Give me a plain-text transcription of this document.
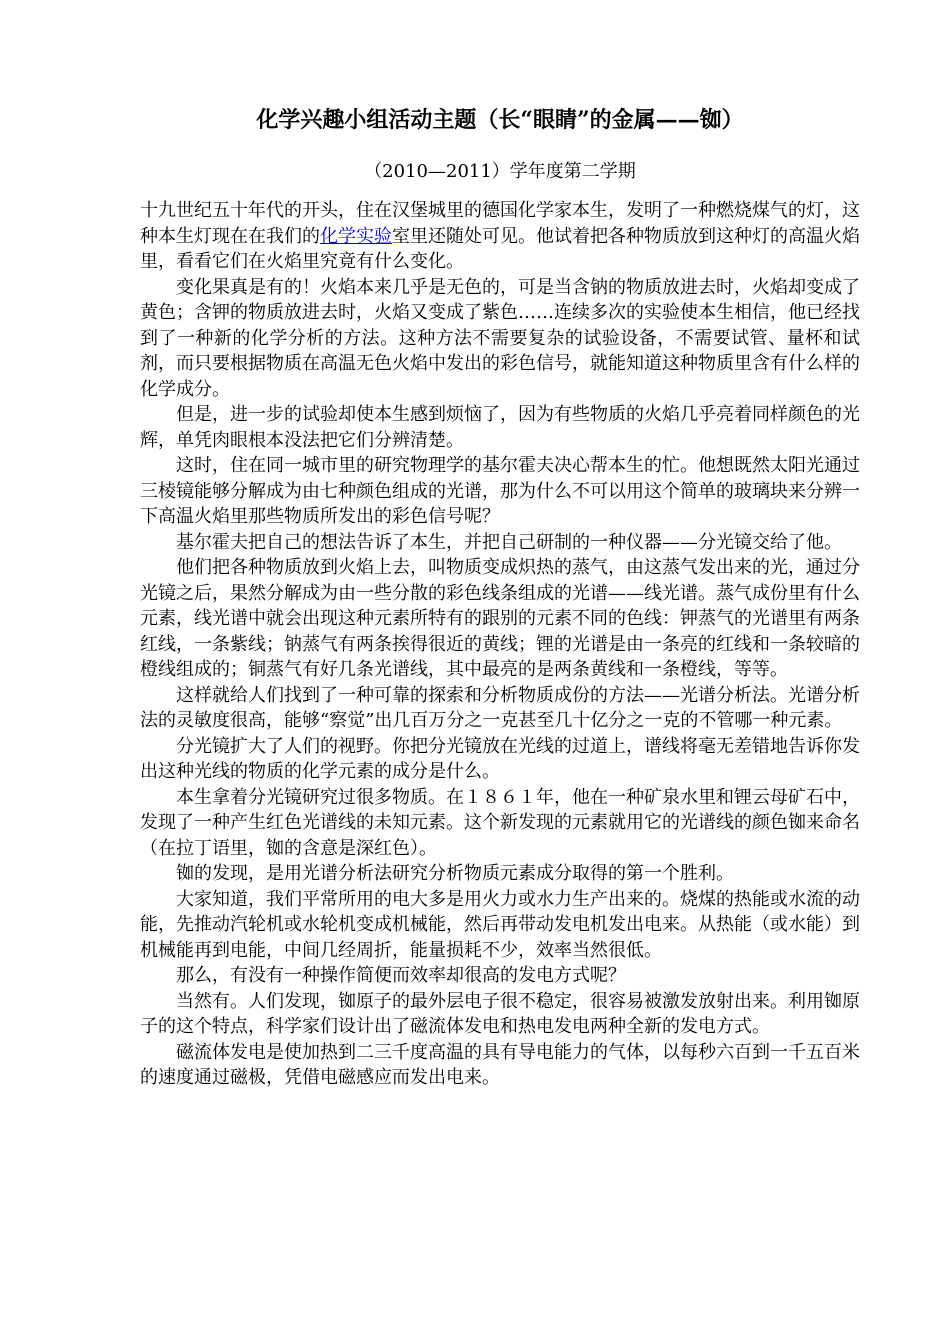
化学兴趣小组活动主题（长“眼睛”的金属——铷）
（2010—2011）学年度第二学期

十九世纪五十年代的开头，住在汉堡城里的德国化学家本生，发明了一种燃烧煤气的灯，这种本生灯现在在我们的化学实验室里还随处可见。他试着把各种物质放到这种灯的高温火焰里，看看它们在火焰里究竟有什么变化。

变化果真是有的！火焰本来几乎是无色的，可是当含钠的物质放进去时，火焰却变成了黄色；含钾的物质放进去时，火焰又变成了紫色……连续多次的实验使本生相信，他已经找到了一种新的化学分析的方法。这种方法不需要复杂的试验设备，不需要试管、量杯和试剂，而只要根据物质在高温无色火焰中发出的彩色信号，就能知道这种物质里含有什么样的化学成分。

但是，进一步的试验却使本生感到烦恼了，因为有些物质的火焰几乎亮着同样颜色的光辉，单凭肉眼根本没法把它们分辨清楚。

这时，住在同一城市里的研究物理学的基尔霍夫决心帮本生的忙。他想既然太阳光通过三棱镜能够分解成为由七种颜色组成的光谱，那为什么不可以用这个简单的玻璃块来分辨一下高温火焰里那些物质所发出的彩色信号呢？

基尔霍夫把自己的想法告诉了本生，并把自己研制的一种仪器——分光镜交给了他。

他们把各种物质放到火焰上去，叫物质变成炽热的蒸气，由这蒸气发出来的光，通过分光镜之后，果然分解成为由一些分散的彩色线条组成的光谱——线光谱。蒸气成份里有什么元素，线光谱中就会出现这种元素所特有的跟别的元素不同的色线：钾蒸气的光谱里有两条红线，一条紫线；钠蒸气有两条挨得很近的黄线；锂的光谱是由一条亮的红线和一条较暗的橙线组成的；铜蒸气有好几条光谱线，其中最亮的是两条黄线和一条橙线，等等。

这样就给人们找到了一种可靠的探索和分析物质成份的方法——光谱分析法。光谱分析法的灵敏度很高，能够“察觉”出几百万分之一克甚至几十亿分之一克的不管哪一种元素。

分光镜扩大了人们的视野。你把分光镜放在光线的过道上，谱线将毫无差错地告诉你发出这种光线的物质的化学元素的成分是什么。

本生拿着分光镜研究过很多物质。在１８６１年，他在一种矿泉水里和锂云母矿石中，发现了一种产生红色光谱线的未知元素。这个新发现的元素就用它的光谱线的颜色铷来命名（在拉丁语里，铷的含意是深红色）。

铷的发现，是用光谱分析法研究分析物质元素成分取得的第一个胜利。

大家知道，我们平常所用的电大多是用火力或水力生产出来的。烧煤的热能或水流的动能，先推动汽轮机或水轮机变成机械能，然后再带动发电机发出电来。从热能（或水能）到机械能再到电能，中间几经周折，能量损耗不少，效率当然很低。

那么，有没有一种操作简便而效率却很高的发电方式呢？

当然有。人们发现，铷原子的最外层电子很不稳定，很容易被激发放射出来。利用铷原子的这个特点，科学家们设计出了磁流体发电和热电发电两种全新的发电方式。

磁流体发电是使加热到二三千度高温的具有导电能力的气体，以每秒六百到一千五百米的速度通过磁极，凭借电磁感应而发出电来。
